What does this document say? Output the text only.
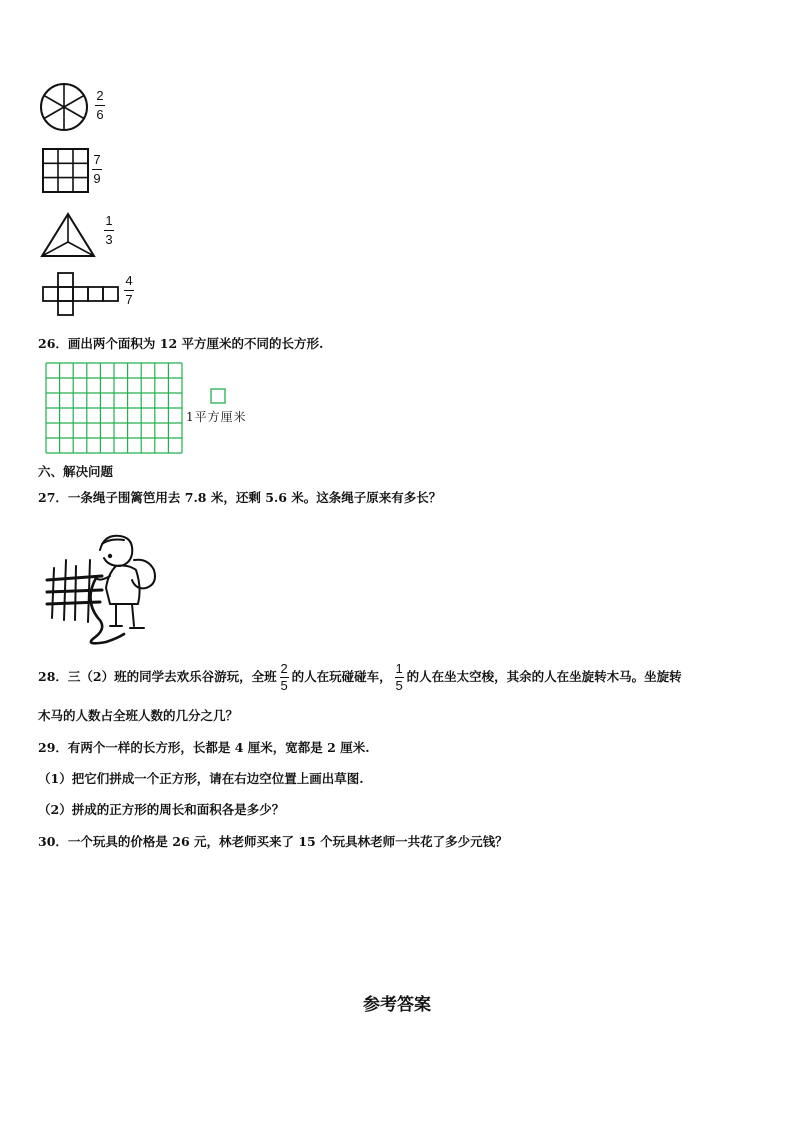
2
6
7
9
1
3
4
7
26．画出两个面积为 12 平方厘米的不同的长方形.
1平方厘米
六、解决问题
27．一条绳子围篱笆用去 7.8 米，还剩 5.6 米。这条绳子原来有多长？
28．三（2）班的同学去欢乐谷游玩，全班 $\frac{2}{5}$ 的人在玩碰碰车， $\frac{1}{5}$ 的人在坐太空梭，其余的人在坐旋转木马。坐旋转
木马的人数占全班人数的几分之几？
29．有两个一样的长方形，长都是 4 厘米，宽都是 2 厘米.
（1）把它们拼成一个正方形，请在右边空位置上画出草图.
（2）拼成的正方形的周长和面积各是多少？
30．一个玩具的价格是 26 元，林老师买来了 15 个玩具林老师一共花了多少元钱？
参考答案
